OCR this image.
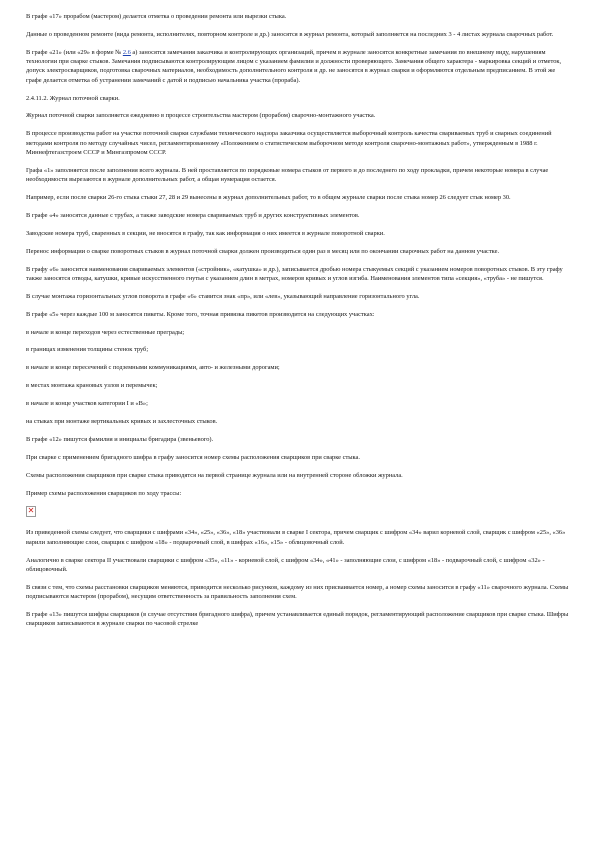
В графе «17» прорабом (мастером) делается отметка о проведении ремонта или вырезки стыка.

Данные о проведенном ремонте (вида ремонта, исполнителях, повторном контроле и др.) заносятся в журнал ремонта, который заполняется на последних 3 - 4 листах журнала сварочных работ.

В графе «21» (или «29» в форме № 2.6 а) заносятся замечания заказчика и контролирующих организаций, причем в журнале заносятся конкретные замечания по внешнему виду, нарушениям технологии при сварке стыков. Замечания подписываются контролирующим лицом с указанием фамилии и должности проверяющего. Замечания общего характера - маркировка секций и отметок, допуск электросварщиков, подготовка сварочных материалов, необходимость дополнительного контроля и др. не заносятся в журнал сварки и оформляются отдельным предписанием. В этой же графе делается отметка об устранении замечаний с датой и подписью начальника участка (прораба).

2.4.11.2. Журнал поточной сварки.

Журнал поточной сварки заполняется ежедневно в процессе строительства мастером (прорабом) сварочно-монтажного участка.

В процессе производства работ на участке поточной сварки службами технического надзора заказчика осуществляется выборочный контроль качества свариваемых труб и сварных соединений методами контроля по методу случайных чисел, регламентированному «Положением о статистическом выборочном методе контроля сварочно-монтажных работ», утвержденным в 1988 г. Миннефтегазстроем СССР и Мингазпромом СССР.

Графа «1» заполняется после заполнения всего журнала. В ней проставляется по порядковые номера стыков от первого и до последнего по ходу прокладки, причем некоторые номера в случае необходимости вырезаются в журнале дополнительных работ, а общая нумерация остается.

Например, если после сварки 26-го стыка стыки 27, 28 и 29 вынесены в журнал дополнительных работ, то в общем журнале сварки после стыка номер 26 следует стык номер 30.

В графе «4» заносятся данные с трубах, а также заводские номера свариваемых труб и других конструктивных элементов.

Заводские номера труб, сваренных в секции, не вносятся в графу, так как информация о них имеется в журнале поворотной сварки.

Перенос информации о сварке поворотных стыков в журнал поточной сварки должен производиться один раз в месяц или по окончании сварочных работ на данном участке.

В графу «6» заносится наименования свариваемых элементов («стройник», «катушка» и др.), записывается дробью номера стыкуемых секций с указанием номеров поворотных стыков. В эту графу также заносятся отводы, катушки, кривые искусственного гнутья с указанием длин в метрах, номеров кривых и углов изгиба. Наименования элементов типа «секция», «труба» - не пишутся.

В случае монтажа горизонтальных углов поворота в графе «6» ставится знак «пр», или «лев», указывающий направление горизонтального угла.

В графе «5» через каждые 100 м заносятся пикеты. Кроме того, точная привязка пикетов производится на следующих участках:

в начале и конце переходов через естественные преграды;

в границах изменения толщины стенок труб;

в начале и конце пересечений с подземными коммуникациями, авто- и железными дорогами;

в местах монтажа крановых узлов и перемычек;

в начале и конце участков категории I и «В»;

на стыках при монтаже вертикальных кривых и захлесточных стыков.

В графе «12» пишутся фамилия и инициалы бригадира (звеньевого).

При сварке с применением бригадного шифра в графу заносится номер схемы расположения сварщиков при сварке стыка.

Схемы расположения сварщиков при сварке стыка приводятся на первой странице журнала или на внутренней стороне обложки журнала.

Пример схемы расположения сварщиков по ходу трассы:

✕

Из приведенной схемы следует, что сварщики с шифрами «34», «25», «36», «18» участвовали в сварке I сектора, причем сварщик с шифром «34» варил корневой слой, сварщик с шифром «25», «36» варили заполняющие слои, сварщик с шифром «18» - подварочный слой, в шифрах «16», «15» - облицовочный слой.

Аналогично в сварке сектора II участвовали сварщики с шифром «35», «11» - корневой слой, с шифром «34», «41» - заполняющие слои, с шифром «18» - подварочный слой, с шифром «32» - облицовочный.

В связи с тем, что схемы расстановки сварщиков меняются, приводится несколько рисунков, каждому из них присваивается номер, а номер схемы заносится в графу «11» сварочного журнала. Схемы подписываются мастером (прорабом), несущим ответственность за правильность заполнения схем.

В графе «13» пишутся шифры сварщиков (в случае отсутствия бригадного шифра), причем устанавливается единый порядок, регламентирующий расположение сварщиков при сварке стыка. Шифры сварщиков записываются в журнале сварки по часовой стрелке
